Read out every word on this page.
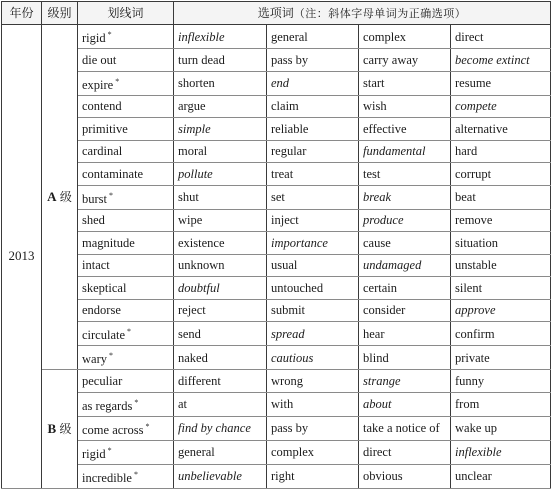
年份	级别	划线词	选项词（注：斜体字母单词为正确选项）			
2013	A 级	rigid *	inflexible	general	complex	direct
		die out	turn dead	pass by	carry away	become extinct
		expire *	shorten	end	start	resume
		contend	argue	claim	wish	compete
		primitive	simple	reliable	effective	alternative
		cardinal	moral	regular	fundamental	hard
		contaminate	pollute	treat	test	corrupt
		burst *	shut	set	break	beat
		shed	wipe	inject	produce	remove
		magnitude	existence	importance	cause	situation
		intact	unknown	usual	undamaged	unstable
		skeptical	doubtful	untouched	certain	silent
		endorse	reject	submit	consider	approve
		circulate *	send	spread	hear	confirm
		wary *	naked	cautious	blind	private
	B 级	peculiar	different	wrong	strange	funny
		as regards *	at	with	about	from
		come across *	find by chance	pass by	take a notice of	wake up
		rigid *	general	complex	direct	inflexible
		incredible *	unbelievable	right	obvious	unclear
